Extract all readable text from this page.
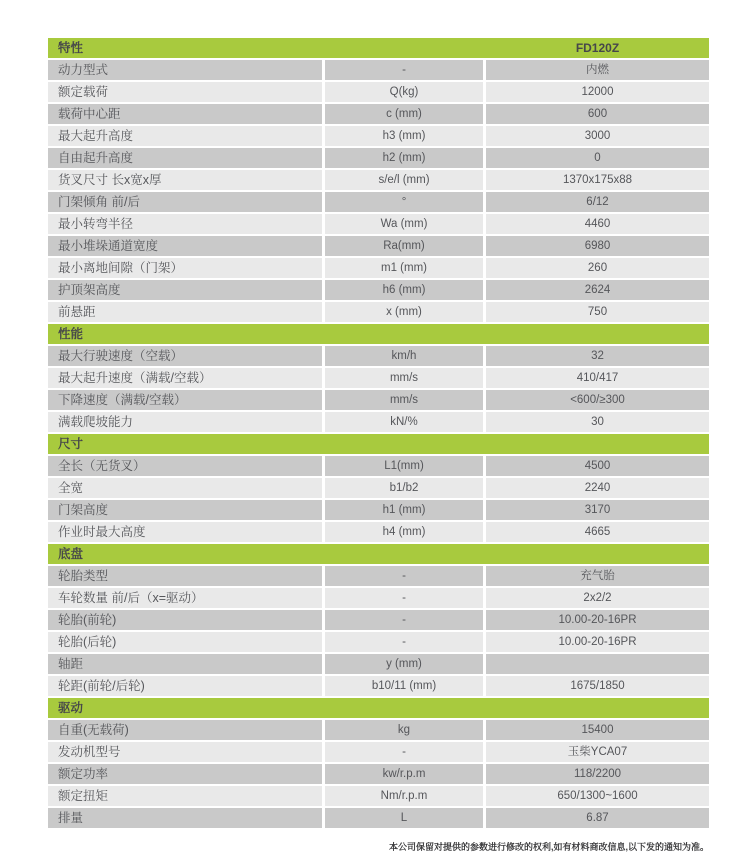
特性	FD120Z
动力型式	-	内燃
额定载荷	Q(kg)	12000
载荷中心距	c (mm)	600
最大起升高度	h3 (mm)	3000
自由起升高度	h2 (mm)	0
货叉尺寸 长x宽x厚	s/e/l (mm)	1370x175x88
门架倾角 前/后	°	6/12
最小转弯半径	Wa (mm)	4460
最小堆垛通道宽度	Ra(mm)	6980
最小离地间隙（门架）	m1 (mm)	260
护顶架高度	h6 (mm)	2624
前悬距	x (mm)	750
性能
最大行驶速度（空载）	km/h	32
最大起升速度（满载/空载）	mm/s	410/417
下降速度（满载/空载）	mm/s	<600/≥300
满载爬坡能力	kN/%	30
尺寸
全长（无货叉）	L1(mm)	4500
全宽	b1/b2	2240
门架高度	h1 (mm)	3170
作业时最大高度	h4 (mm)	4665
底盘
轮胎类型	-	充气胎
车轮数量 前/后（x=驱动）	-	2x2/2
轮胎(前轮)	-	10.00-20-16PR
轮胎(后轮)	-	10.00-20-16PR
轴距	y (mm)
轮距(前轮/后轮)	b10/11 (mm)	1675/1850
驱动
自重(无载荷)	kg	15400
发动机型号	-	玉柴YCA07
额定功率	kw/r.p.m	118/2200
额定扭矩	Nm/r.p.m	650/1300~1600
排量	L	6.87
本公司保留对提供的参数进行修改的权利,如有材料商改信息,以下发的通知为准。
